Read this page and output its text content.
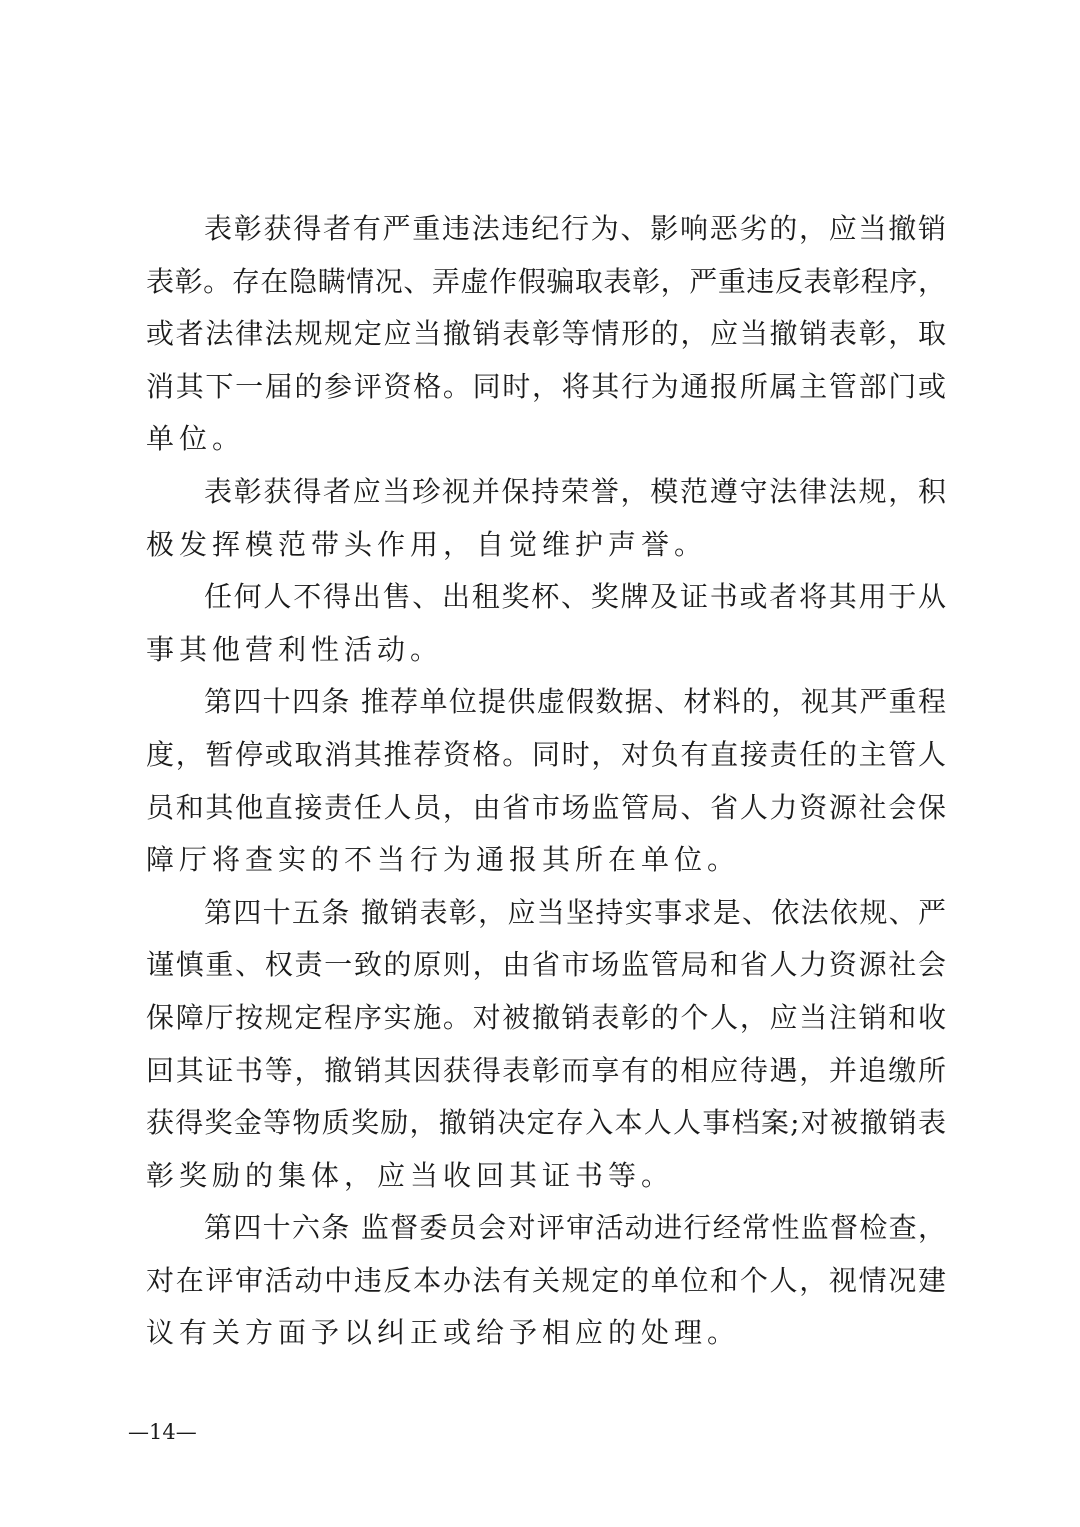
表彰获得者有严重违法违纪行为、影响恶劣的，应当撤销
表彰。存在隐瞒情况、弄虚作假骗取表彰，严重违反表彰程序，
或者法律法规规定应当撤销表彰等情形的，应当撤销表彰，取
消其下一届的参评资格。同时，将其行为通报所属主管部门或
单位。
表彰获得者应当珍视并保持荣誉，模范遵守法律法规，积
极发挥模范带头作用，自觉维护声誉。
任何人不得出售、出租奖杯、奖牌及证书或者将其用于从
事其他营利性活动。
第四十四条 推荐单位提供虚假数据、材料的，视其严重程
度，暂停或取消其推荐资格。同时，对负有直接责任的主管人
员和其他直接责任人员，由省市场监管局、省人力资源社会保
障厅将查实的不当行为通报其所在单位。
第四十五条 撤销表彰，应当坚持实事求是、依法依规、严
谨慎重、权责一致的原则，由省市场监管局和省人力资源社会
保障厅按规定程序实施。对被撤销表彰的个人，应当注销和收
回其证书等，撤销其因获得表彰而享有的相应待遇，并追缴所
获得奖金等物质奖励，撤销决定存入本人人事档案;对被撤销表
彰奖励的集体，应当收回其证书等。
第四十六条 监督委员会对评审活动进行经常性监督检查，
对在评审活动中违反本办法有关规定的单位和个人，视情况建
议有关方面予以纠正或给予相应的处理。
—14—
